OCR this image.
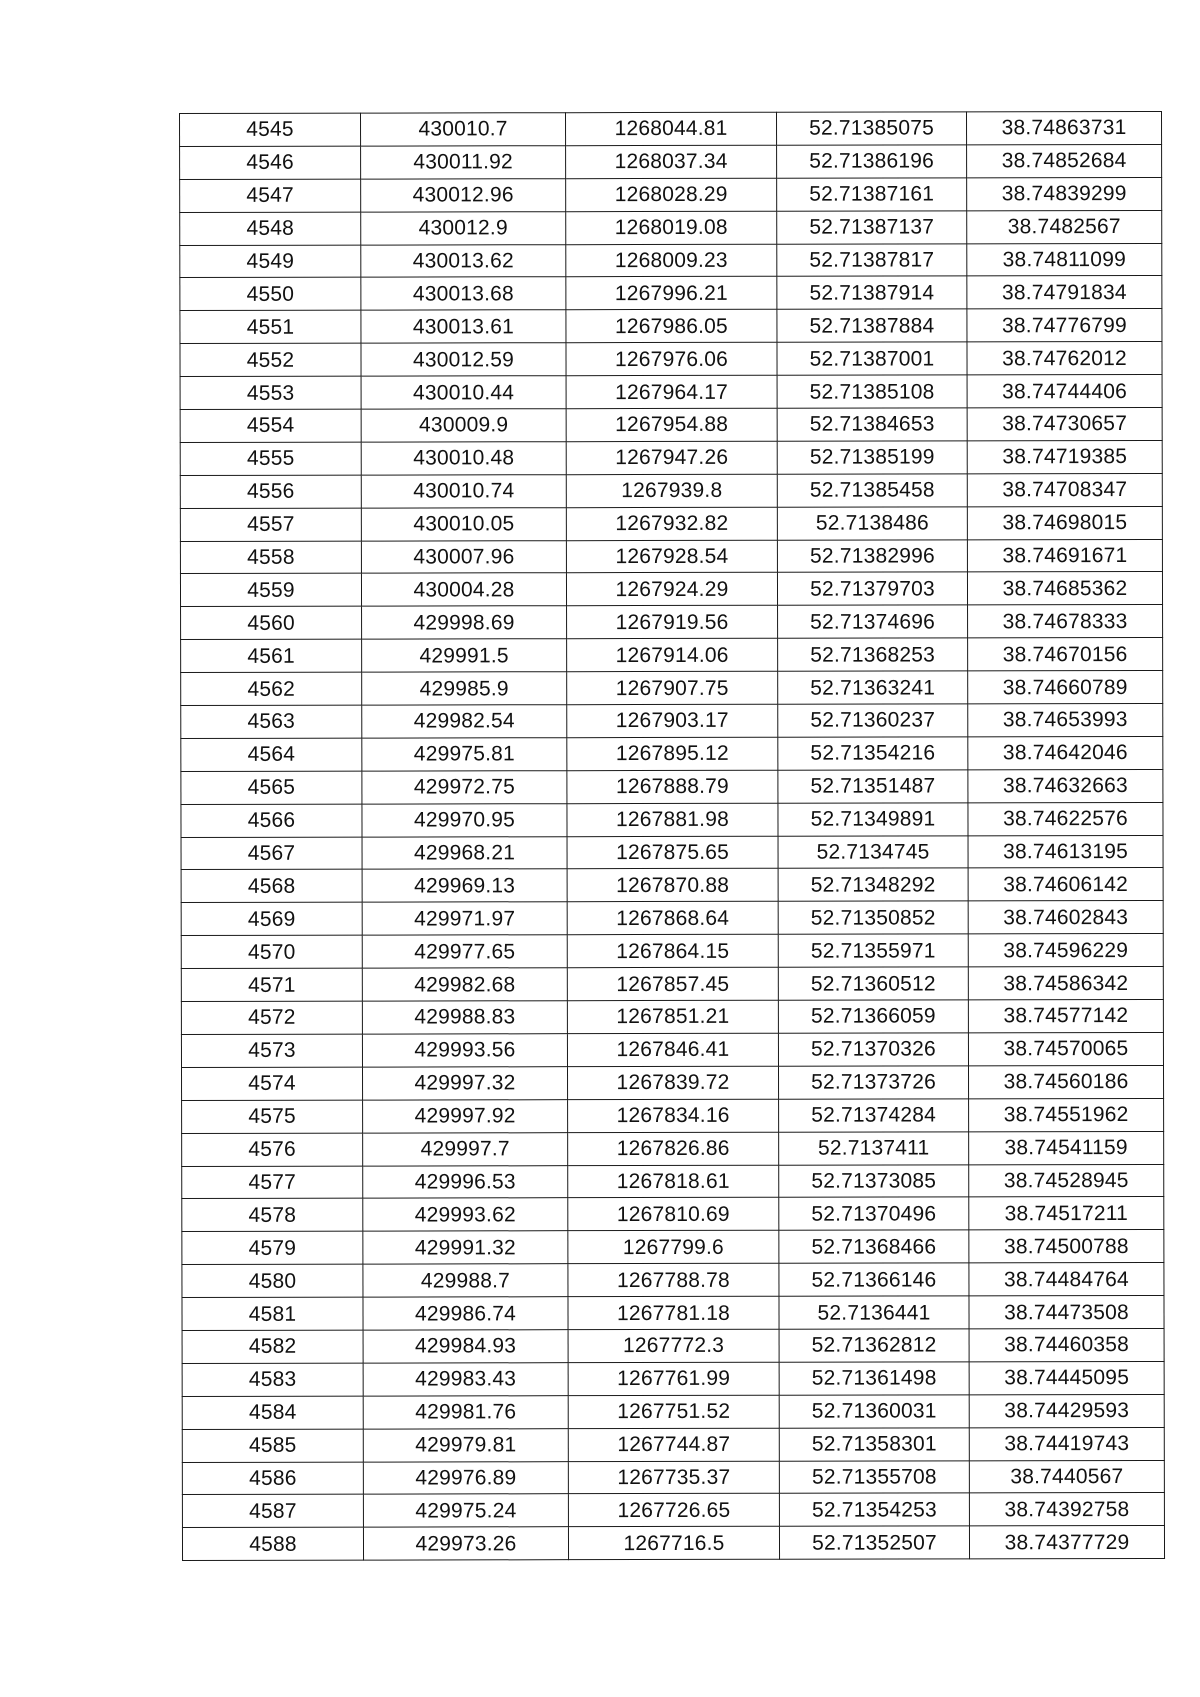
4545	430010.7	1268044.81	52.71385075	38.74863731
4546	430011.92	1268037.34	52.71386196	38.74852684
4547	430012.96	1268028.29	52.71387161	38.74839299
4548	430012.9	1268019.08	52.71387137	38.7482567
4549	430013.62	1268009.23	52.71387817	38.74811099
4550	430013.68	1267996.21	52.71387914	38.74791834
4551	430013.61	1267986.05	52.71387884	38.74776799
4552	430012.59	1267976.06	52.71387001	38.74762012
4553	430010.44	1267964.17	52.71385108	38.74744406
4554	430009.9	1267954.88	52.71384653	38.74730657
4555	430010.48	1267947.26	52.71385199	38.74719385
4556	430010.74	1267939.8	52.71385458	38.74708347
4557	430010.05	1267932.82	52.7138486	38.74698015
4558	430007.96	1267928.54	52.71382996	38.74691671
4559	430004.28	1267924.29	52.71379703	38.74685362
4560	429998.69	1267919.56	52.71374696	38.74678333
4561	429991.5	1267914.06	52.71368253	38.74670156
4562	429985.9	1267907.75	52.71363241	38.74660789
4563	429982.54	1267903.17	52.71360237	38.74653993
4564	429975.81	1267895.12	52.71354216	38.74642046
4565	429972.75	1267888.79	52.71351487	38.74632663
4566	429970.95	1267881.98	52.71349891	38.74622576
4567	429968.21	1267875.65	52.7134745	38.74613195
4568	429969.13	1267870.88	52.71348292	38.74606142
4569	429971.97	1267868.64	52.71350852	38.74602843
4570	429977.65	1267864.15	52.71355971	38.74596229
4571	429982.68	1267857.45	52.71360512	38.74586342
4572	429988.83	1267851.21	52.71366059	38.74577142
4573	429993.56	1267846.41	52.71370326	38.74570065
4574	429997.32	1267839.72	52.71373726	38.74560186
4575	429997.92	1267834.16	52.71374284	38.74551962
4576	429997.7	1267826.86	52.7137411	38.74541159
4577	429996.53	1267818.61	52.71373085	38.74528945
4578	429993.62	1267810.69	52.71370496	38.74517211
4579	429991.32	1267799.6	52.71368466	38.74500788
4580	429988.7	1267788.78	52.71366146	38.74484764
4581	429986.74	1267781.18	52.7136441	38.74473508
4582	429984.93	1267772.3	52.71362812	38.74460358
4583	429983.43	1267761.99	52.71361498	38.74445095
4584	429981.76	1267751.52	52.71360031	38.74429593
4585	429979.81	1267744.87	52.71358301	38.74419743
4586	429976.89	1267735.37	52.71355708	38.7440567
4587	429975.24	1267726.65	52.71354253	38.74392758
4588	429973.26	1267716.5	52.71352507	38.74377729
